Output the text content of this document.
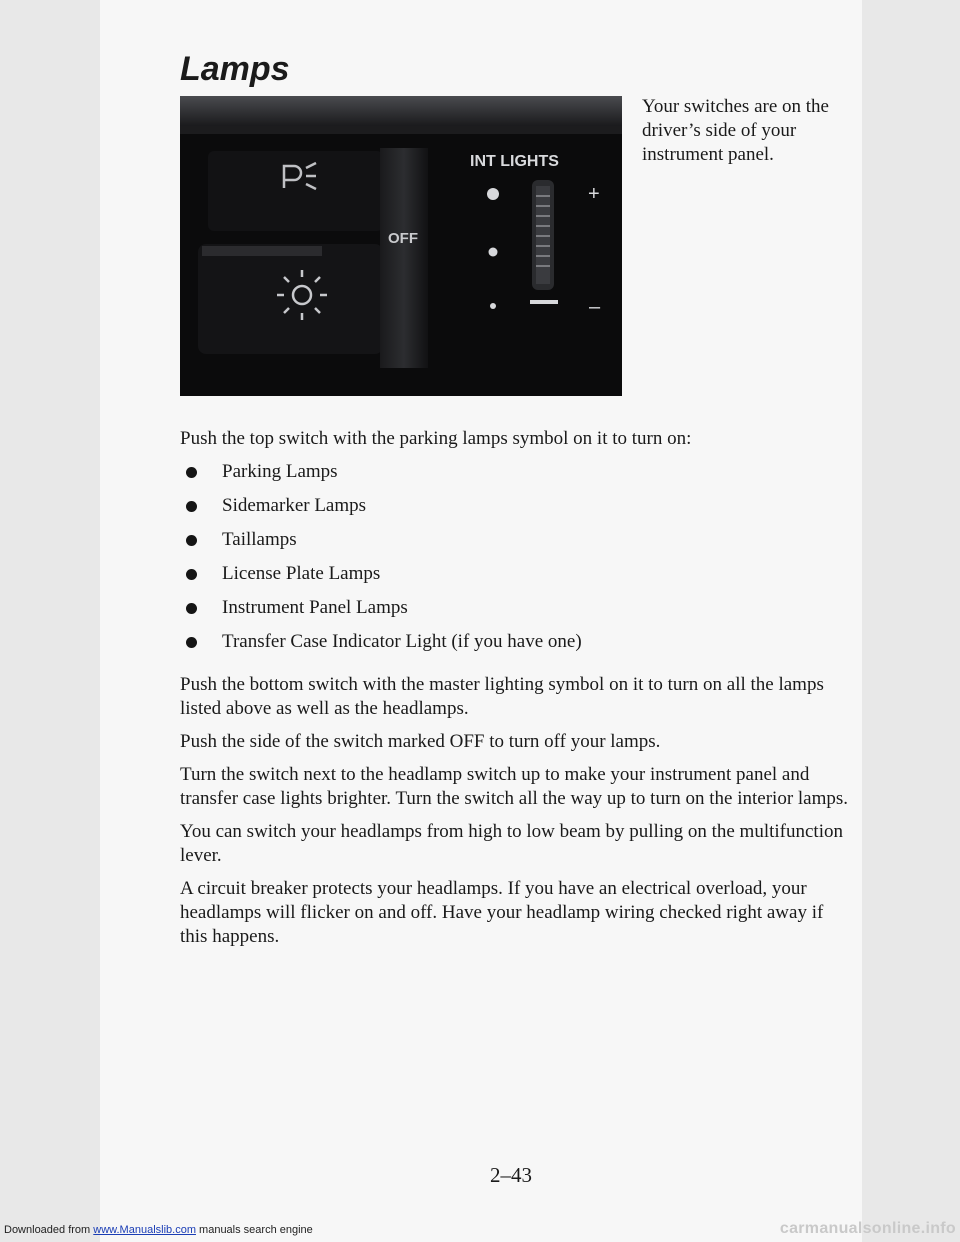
Lamps
INT LIGHTS
OFF
+
–

Your switches are on the driver’s side of your instrument panel.

Push the top switch with the parking lamps symbol on it to turn on:

Parking Lamps
Sidemarker Lamps
Taillamps
License Plate Lamps
Instrument Panel Lamps
Transfer Case Indicator Light (if you have one)

Push the bottom switch with the master lighting symbol on it to turn on all the lamps listed above as well as the headlamps.

Push the side of the switch marked OFF to turn off your lamps.

Turn the switch next to the headlamp switch up to make your instrument panel and transfer case lights brighter. Turn the switch all the way up to turn on the interior lamps.

You can switch your headlamps from high to low beam by pulling on the multifunction lever.

A circuit breaker protects your headlamps. If you have an electrical overload, your headlamps will flicker on and off. Have your headlamp wiring checked right away if this happens.

2–43
Downloaded from www.Manualslib.com manuals search engine	carmanualsonline.info
